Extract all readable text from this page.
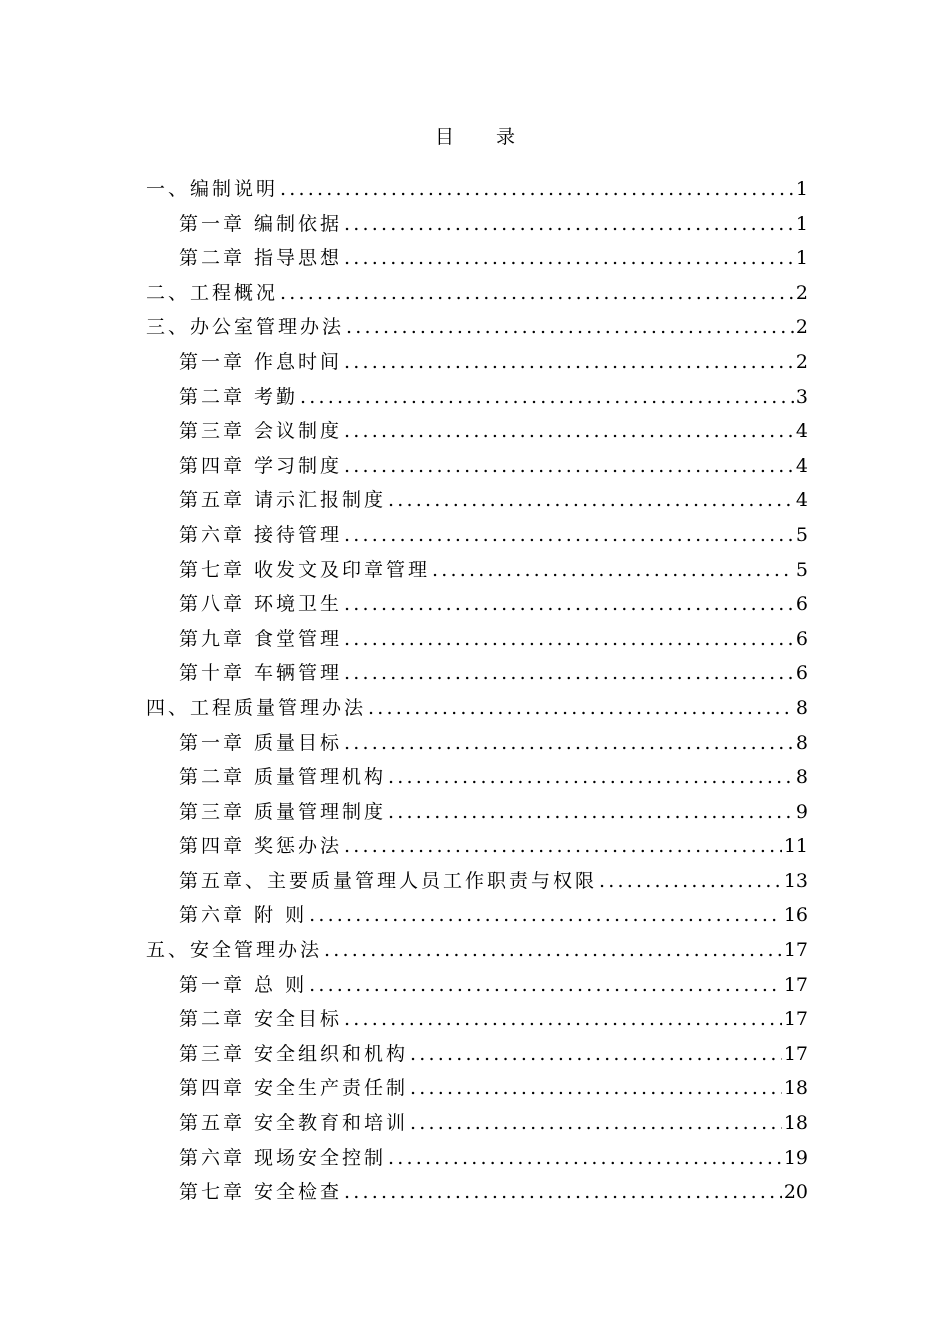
目录
一、编制说明 .....	1
第一章 编制依据 .....	1
第二章 指导思想 .....	1
二、工程概况 .....	2
三、办公室管理办法 .....	2
第一章 作息时间 .....	2
第二章 考勤 .....	3
第三章 会议制度 .....	4
第四章 学习制度 .....	4
第五章 请示汇报制度 .....	4
第六章 接待管理 .....	5
第七章 收发文及印章管理 .....	5
第八章 环境卫生 .....	6
第九章 食堂管理 .....	6
第十章 车辆管理 .....	6
四、工程质量管理办法 .....	8
第一章 质量目标 .....	8
第二章 质量管理机构 .....	8
第三章 质量管理制度 .....	9
第四章 奖惩办法 .....	11
第五章、主要质量管理人员工作职责与权限 .....	13
第六章 附 则 .....	16
五、安全管理办法 .....	17
第一章 总 则 .....	17
第二章 安全目标 .....	17
第三章 安全组织和机构 .....	17
第四章 安全生产责任制 .....	18
第五章 安全教育和培训 .....	18
第六章 现场安全控制 .....	19
第七章 安全检查 .....	20
